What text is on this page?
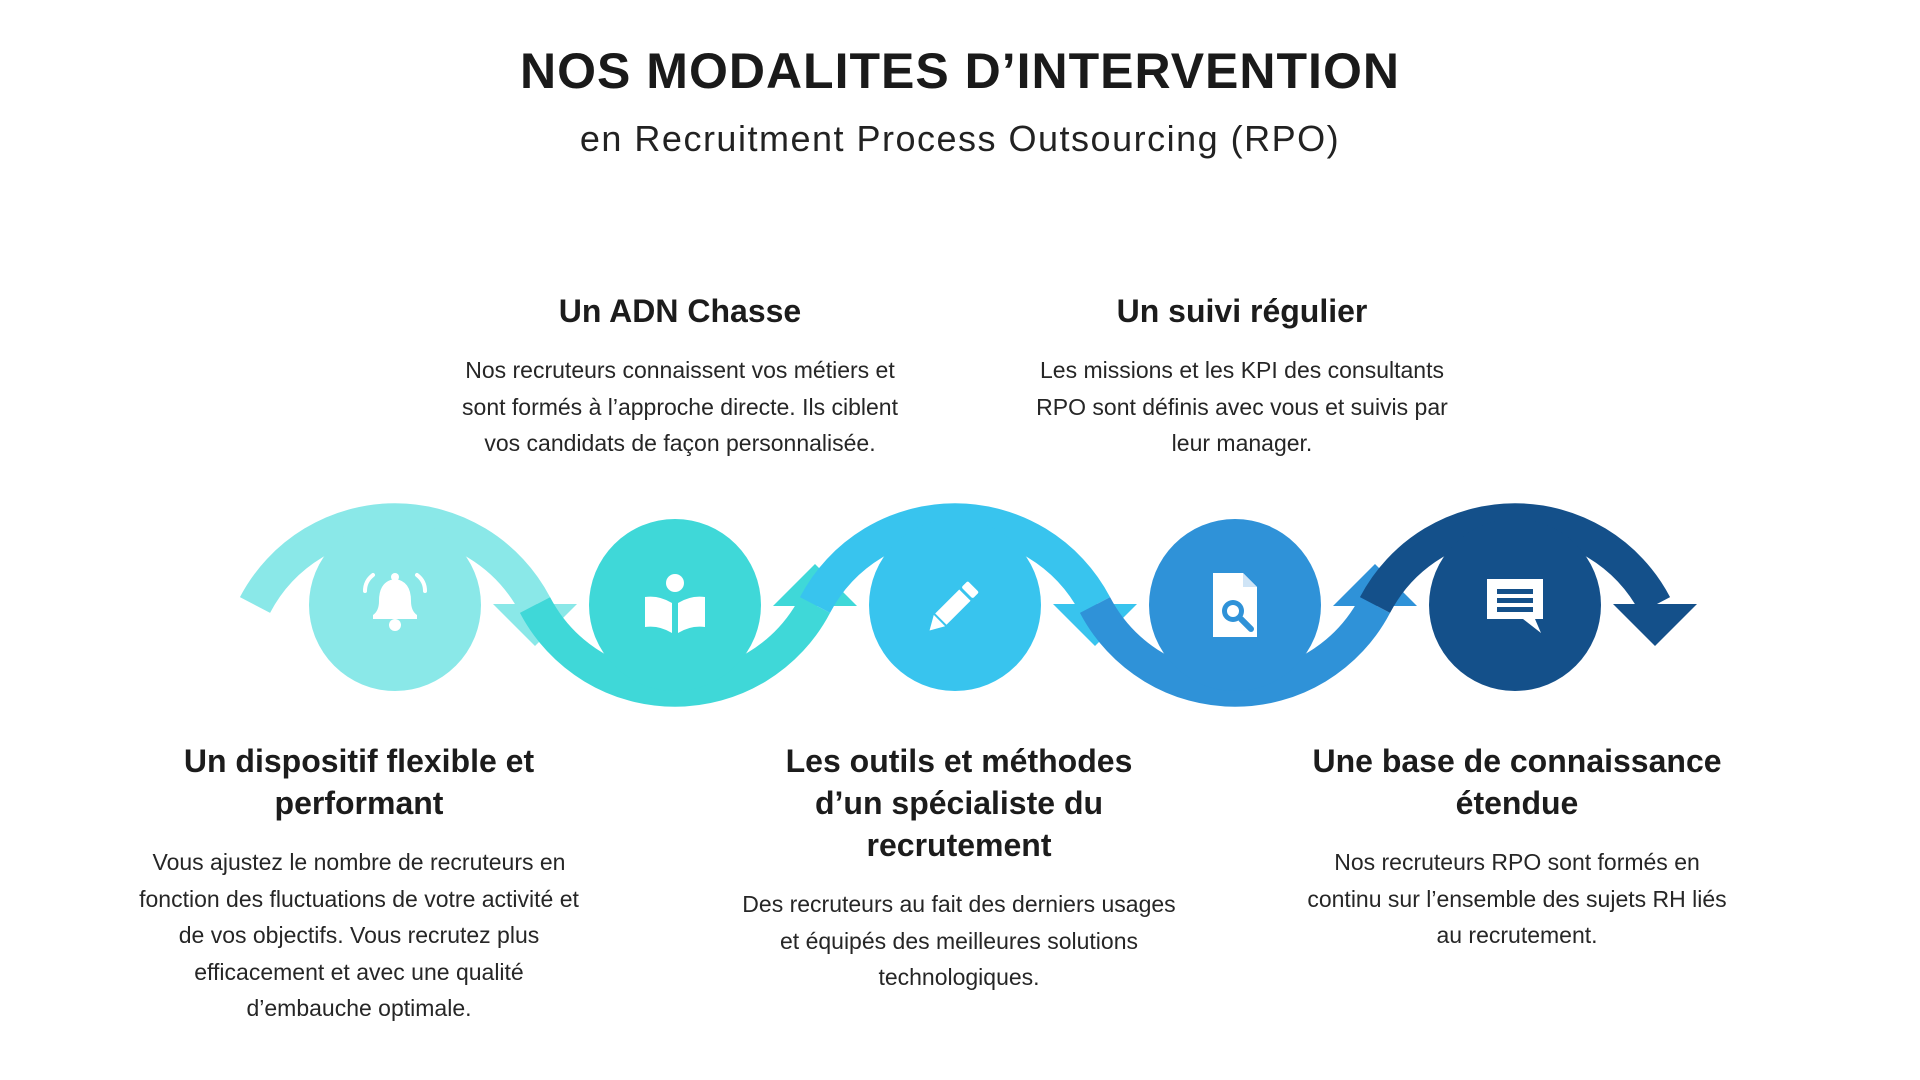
NOS MODALITES D’INTERVENTION
en Recruitment Process Outsourcing (RPO)
Un dispositif flexible et performant

Vous ajustez le nombre de recruteurs en fonction des fluctuations de votre activité et de vos objectifs. Vous recrutez plus efficacement et avec une qualité d’embauche optimale.

Un ADN Chasse

Nos recruteurs connaissent vos métiers et sont formés à l’approche directe. Ils ciblent vos candidats de façon personnalisée.

Les outils et méthodes d’un spécialiste du recrutement

Des recruteurs au fait des derniers usages et équipés des meilleures solutions technologiques.

Un suivi régulier

Les missions et les KPI des consultants RPO sont définis avec vous et suivis par leur manager.

Une base de connaissance étendue

Nos recruteurs RPO sont formés en continu sur l’ensemble des sujets RH liés au recrutement.
